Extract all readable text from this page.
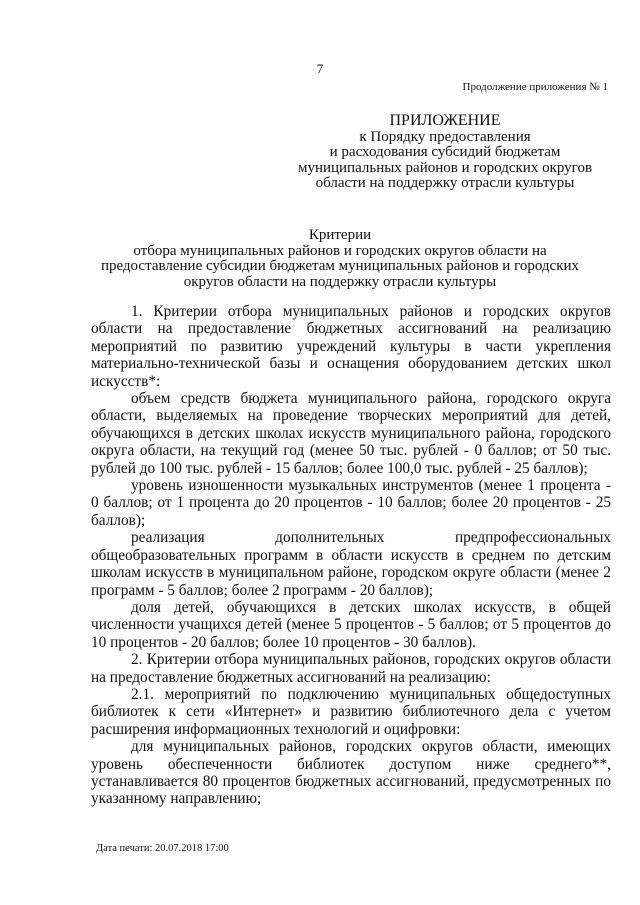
7
Продолжение приложения № 1
ПРИЛОЖЕНИЕ
к Порядку предоставления
и расходования субсидий бюджетам
муниципальных районов и городских округов
области на поддержку отрасли культуры
Критерии
отбора муниципальных районов и городских округов области на
предоставление субсидии бюджетам муниципальных районов и городских
округов области на поддержку отрасли культуры

1. Критерии отбора муниципальных районов и городских округов области на предоставление бюджетных ассигнований на реализацию мероприятий по развитию учреждений культуры в части укрепления материально-технической базы и оснащения оборудованием детских школ искусств*:

объем средств бюджета муниципального района, городского округа области, выделяемых на проведение творческих мероприятий для детей, обучающихся в детских школах искусств муниципального района, городского округа области, на текущий год (менее 50 тыс. рублей - 0 баллов; от 50 тыс. рублей до 100 тыс. рублей - 15 баллов; более 100,0 тыс. рублей - 25 баллов);

уровень изношенности музыкальных инструментов (менее 1 процента - 0 баллов; от 1 процента до 20 процентов - 10 баллов; более 20 процентов - 25 баллов);

реализация дополнительных предпрофессиональных общеобразовательных программ в области искусств в среднем по детским школам искусств в муниципальном районе, городском округе области (менее 2 программ - 5 баллов; более 2 программ - 20 баллов);

доля детей, обучающихся в детских школах искусств, в общей численности учащихся детей (менее 5 процентов - 5 баллов; от 5 процентов до 10 процентов - 20 баллов; более 10 процентов - 30 баллов).

2. Критерии отбора муниципальных районов, городских округов области на предоставление бюджетных ассигнований на реализацию:

2.1. мероприятий по подключению муниципальных общедоступных библиотек к сети «Интернет» и развитию библиотечного дела с учетом расширения информационных технологий и оцифровки:

для муниципальных районов, городских округов области, имеющих уровень обеспеченности библиотек доступом ниже среднего**, устанавливается 80 процентов бюджетных ассигнований, предусмотренных по указанному направлению;

Дата печати: 20.07.2018 17:00
